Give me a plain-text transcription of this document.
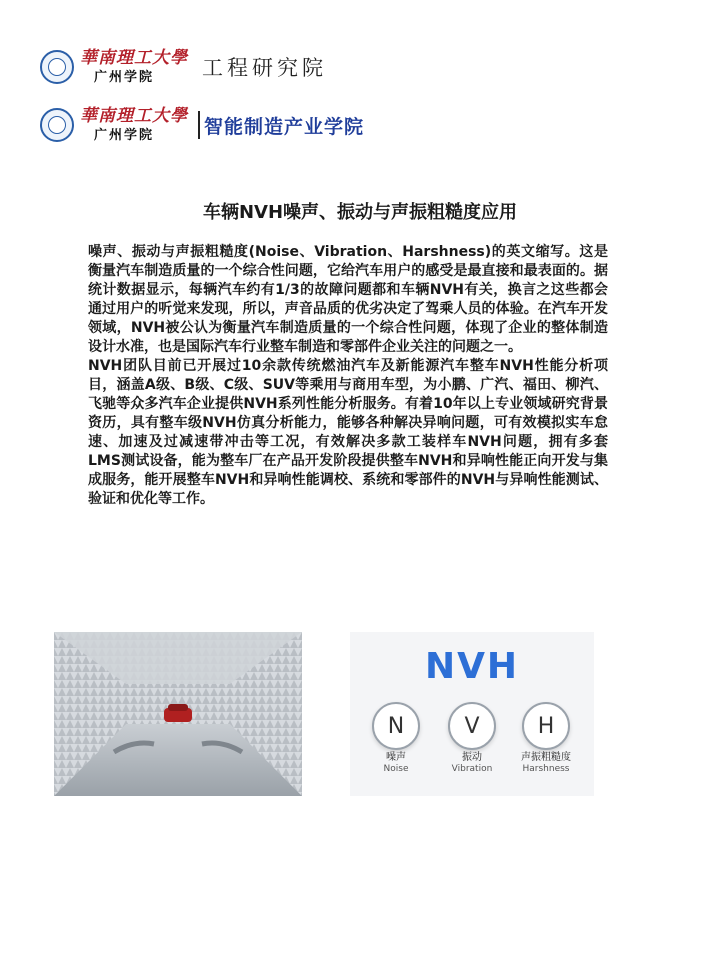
華南理工大學
广州学院	工程研究院
華南理工大學
广州学院	智能制造产业学院
车辆NVH噪声、振动与声振粗糙度应用

噪声、振动与声振粗糙度(Noise、Vibration、Harshness)的英文缩写。这是衡量汽车制造质量的一个综合性问题，它给汽车用户的感受是最直接和最表面的。据统计数据显示，每辆汽车约有1/3的故障问题都和车辆NVH有关，换言之这些都会通过用户的听觉来发现，所以，声音品质的优劣决定了驾乘人员的体验。在汽车开发领域，NVH被公认为衡量汽车制造质量的一个综合性问题，体现了企业的整体制造设计水准，也是国际汽车行业整车制造和零部件企业关注的问题之一。

NVH团队目前已开展过10余款传统燃油汽车及新能源汽车整车NVH性能分析项目，涵盖A级、B级、C级、SUV等乘用与商用车型，为小鹏、广汽、福田、柳汽、飞驰等众多汽车企业提供NVH系列性能分析服务。有着10年以上专业领域研究背景资历，具有整车级NVH仿真分析能力，能够各种解决异响问题，可有效模拟实车怠速、加速及过减速带冲击等工况，有效解决多款工装样车NVH问题，拥有多套 LMS测试设备，能为整车厂在产品开发阶段提供整车NVH和异响性能正向开发与集成服务，能开展整车NVH和异响性能调校、系统和零部件的NVH与异响性能测试、验证和优化等工作。

NVH
N	V	H
噪声
Noise
振动
Vibration
声振粗糙度
Harshness
